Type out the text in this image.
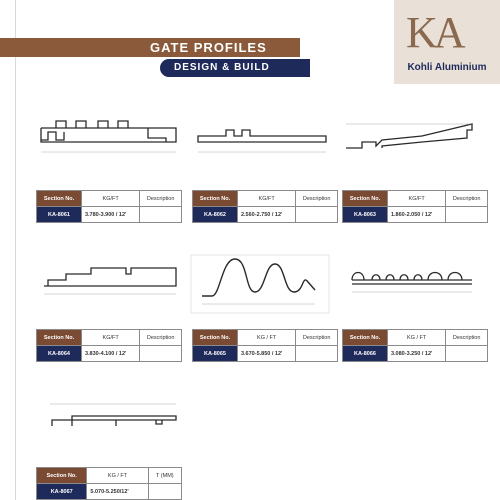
GATE PROFILES
DESIGN & BUILD
KA
Kohli Aluminium
Section No.	KG/FT	Description
KA-8061	3.780-3.900 / 12'	
Section No.	KG/FT	Description
KA-8062	2.560-2.750 / 12'	
Section No.	KG/FT	Description
KA-8063	1.860-2.050 / 12'	
Section No.	KG/FT	Description
KA-8064	3.830-4.100 / 12'	
Section No.	KG / FT	Description
KA-8065	3.670-5.850 / 12'	
Section No.	KG / FT	Description
KA-8066	3.080-3.250 / 12'	
Section No.	KG / FT	T (MM)
KA-8067	5.070-5.250/12'	
